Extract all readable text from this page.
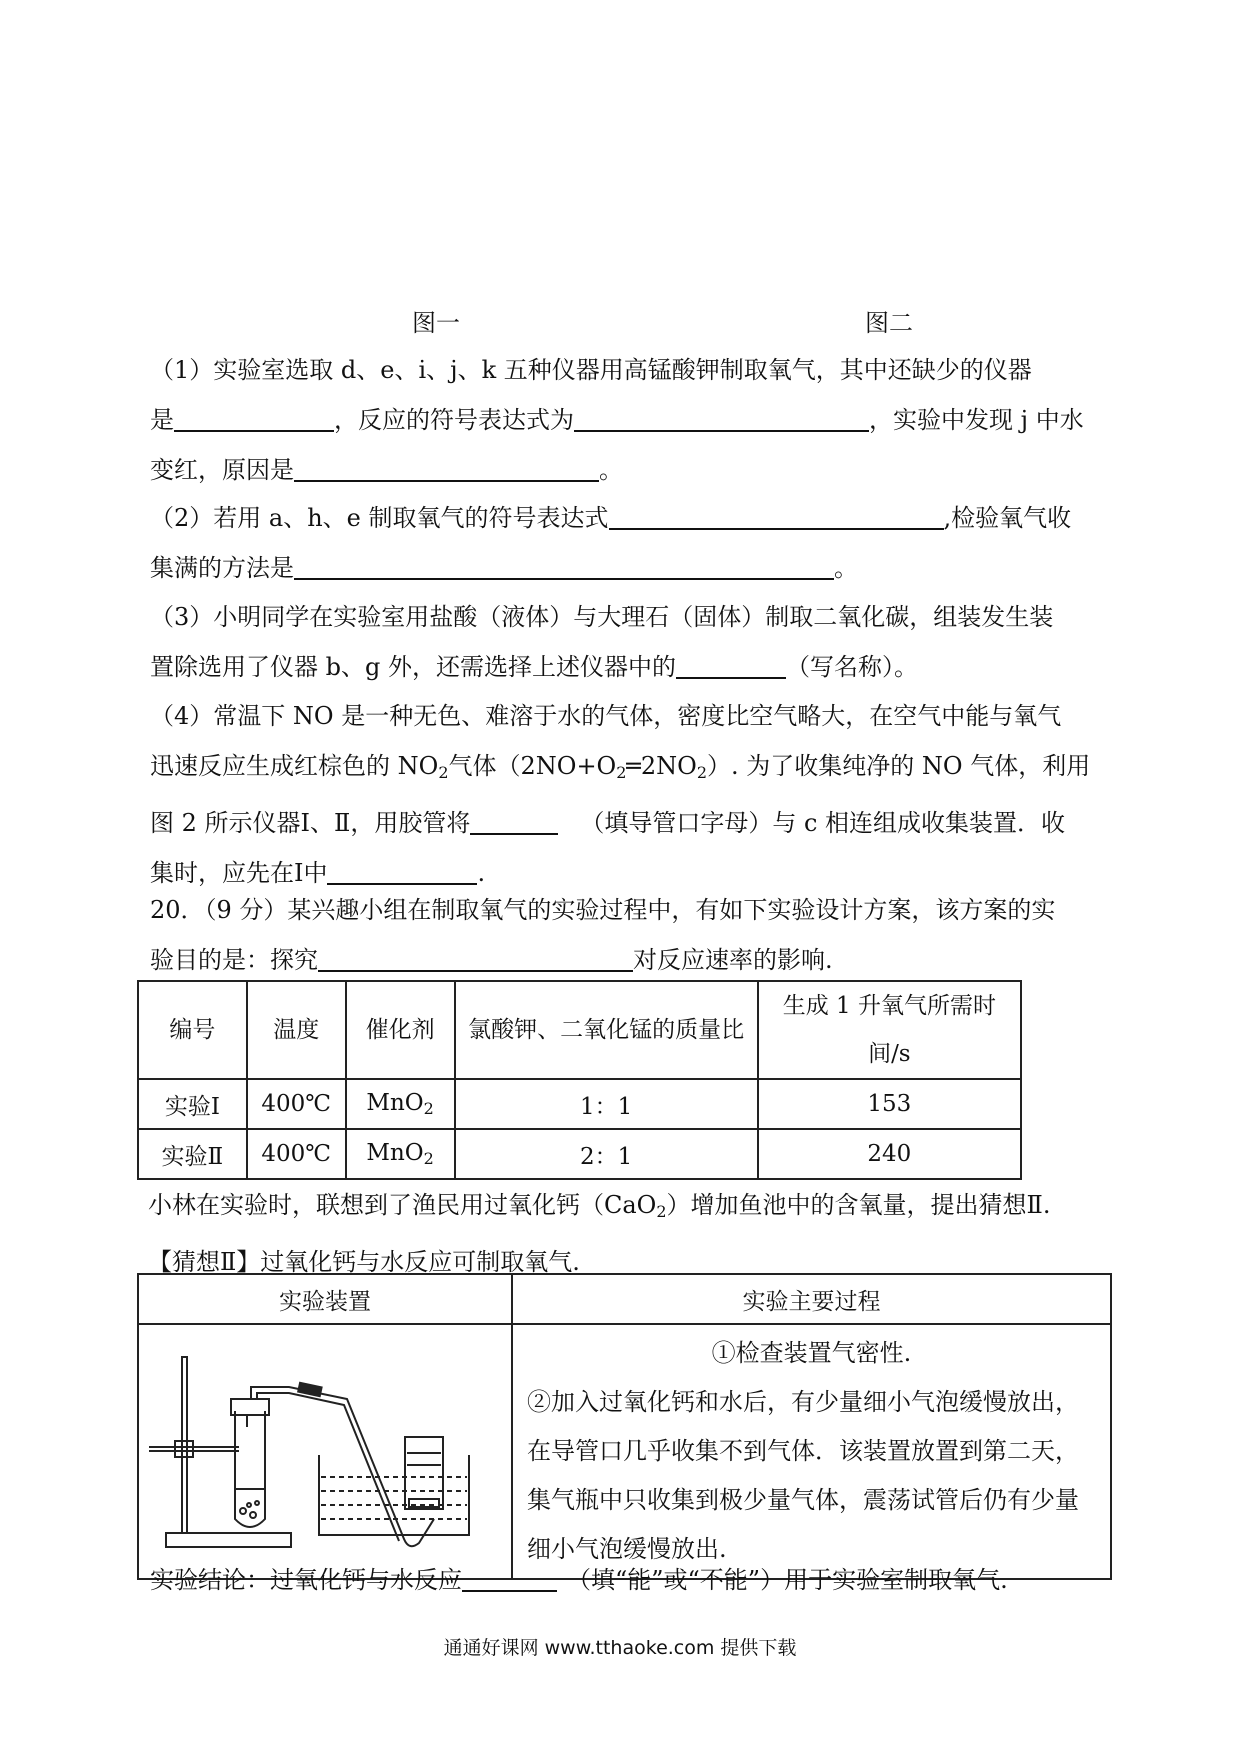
图一	图二

（1）实验室选取 d、e、i、j、k 五种仪器用高锰酸钾制取氧气，其中还缺少的仪器
是	，反应的符号表达式为	，实验中发现 j 中水
变红，原因是	。

（2）若用 a、h、e 制取氧气的符号表达式	,检验氧气收
集满的方法是	。

（3）小明同学在实验室用盐酸（液体）与大理石（固体）制取二氧化碳，组装发生装
置除选用了仪器 b、g 外，还需选择上述仪器中的	（写名称）。

（4）常温下 NO 是一种无色、难溶于水的气体，密度比空气略大，在空气中能与氧气
迅速反应生成红棕色的 $NO_2$气体$(2NO+O_2═2NO_2)$. 为了收集纯净的 NO 气体，利用
图 2 所示仪器Ⅰ、Ⅱ，用胶管将	（填导管口字母）与 c 相连组成收集装置．收
集时，应先在Ⅰ中	.

20．（9 分）某兴趣小组在制取氧气的实验过程中，有如下实验设计方案，该方案的实
验目的是：探究	对反应速率的影响.

编号	温度	催化剂	氯酸钾、二氧化锰的质量比	生成 1 升氧气所需时间/s
实验Ⅰ	400℃	MnO$_2$	1：1	153
实验Ⅱ	400℃	MnO$_2$	2：1	240

小林在实验时，联想到了渔民用过氧化钙（CaO$_2$）增加鱼池中的含氧量，提出猜想Ⅱ.
【猜想Ⅱ】过氧化钙与水反应可制取氧气.

实验装置	实验主要过程

①检查装置气密性.
②加入过氧化钙和水后，有少量细小气泡缓慢放出，在导管口几乎收集不到气体．该装置放置到第二天，集气瓶中只收集到极少量气体，震荡试管后仍有少量细小气泡缓慢放出.

实验结论：过氧化钙与水反应	（填“能”或“不能”）用于实验室制取氧气.

通通好课网 www.tthaoke.com 提供下载
